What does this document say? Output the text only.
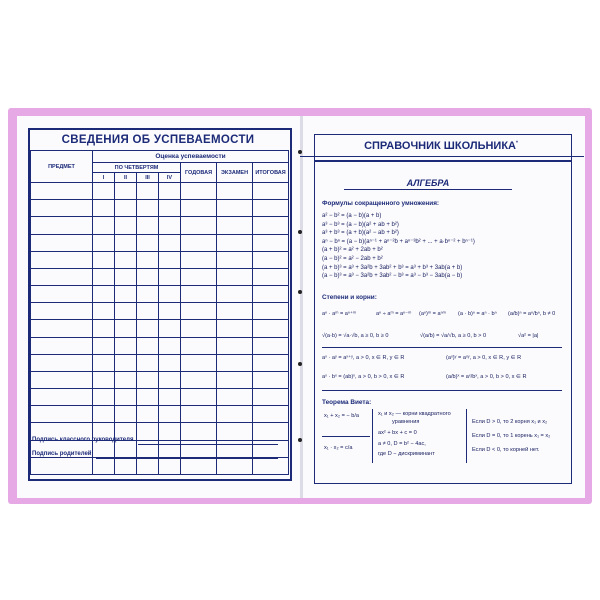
СВЕДЕНИЯ ОБ УСПЕВАЕМОСТИ
ПРЕДМЕТ	Оценка успеваемости						
	ПО ЧЕТВЕРТЯМ				ГОДОВАЯ	ЭКЗАМЕН	ИТОГОВАЯ
	I	II	III	IV			

Подпись классного руководителя
Подпись родителей
СПРАВОЧНИК ШКОЛЬНИКА*
АЛГЕБРА
Формулы сокращенного умножения:
a² − b² = (a − b)(a + b)
a³ − b³ = (a − b)(a² + ab + b²)
a³ + b³ = (a + b)(a² − ab + b²)
aⁿ − bⁿ = (a − b)(aⁿ⁻¹ + aⁿ⁻²b + aⁿ⁻³b² + ... + a·bⁿ⁻² + bⁿ⁻¹)
(a + b)² = a² + 2ab + b²
(a − b)² = a² − 2ab + b²
(a + b)³ = a³ + 3a²b + 3ab² + b³ = a³ + b³ + 3ab(a + b)
(a − b)³ = a³ − 3a²b + 3ab² − b³ = a³ − b³ − 3ab(a − b)
Степени и корни:
aⁿ · aᵐ = aⁿ⁺ᵐ	aⁿ ÷ aᵐ = aⁿ⁻ᵐ (aⁿ)ᵐ = aⁿᵐ (a · b)ⁿ = aⁿ · bⁿ (a/b)ⁿ = aⁿ/bⁿ, b ≠ 0
√(a·b) = √a·√b, a ≥ 0, b ≥ 0	√(a/b) = √a/√b, a ≥ 0, b > 0	√a² = |a|
aˣ · aʸ = aˣ⁺ʸ, a > 0, x ∈ R, y ∈ R	(aˣ)ʸ = aˣʸ, a > 0, x ∈ R, y ∈ R
aˣ · bˣ = (ab)ˣ, a > 0, b > 0, x ∈ R	(a/b)ˣ = aˣ/bˣ, a > 0, b > 0, x ∈ R
Теорема Виета:
x₁ + x₂ = − b/a	x₁ и x₂ — корни квадратного
уравнения
ax² + bx + c = 0
x₁ · x₂ = c/a
a ≠ 0, D = b² − 4ac,
где D − дискриминант
Если D > 0, то 2 корня x₁ и x₂
Если D = 0, то 1 корень x₁ = x₂
Если D < 0, то корней нет.
